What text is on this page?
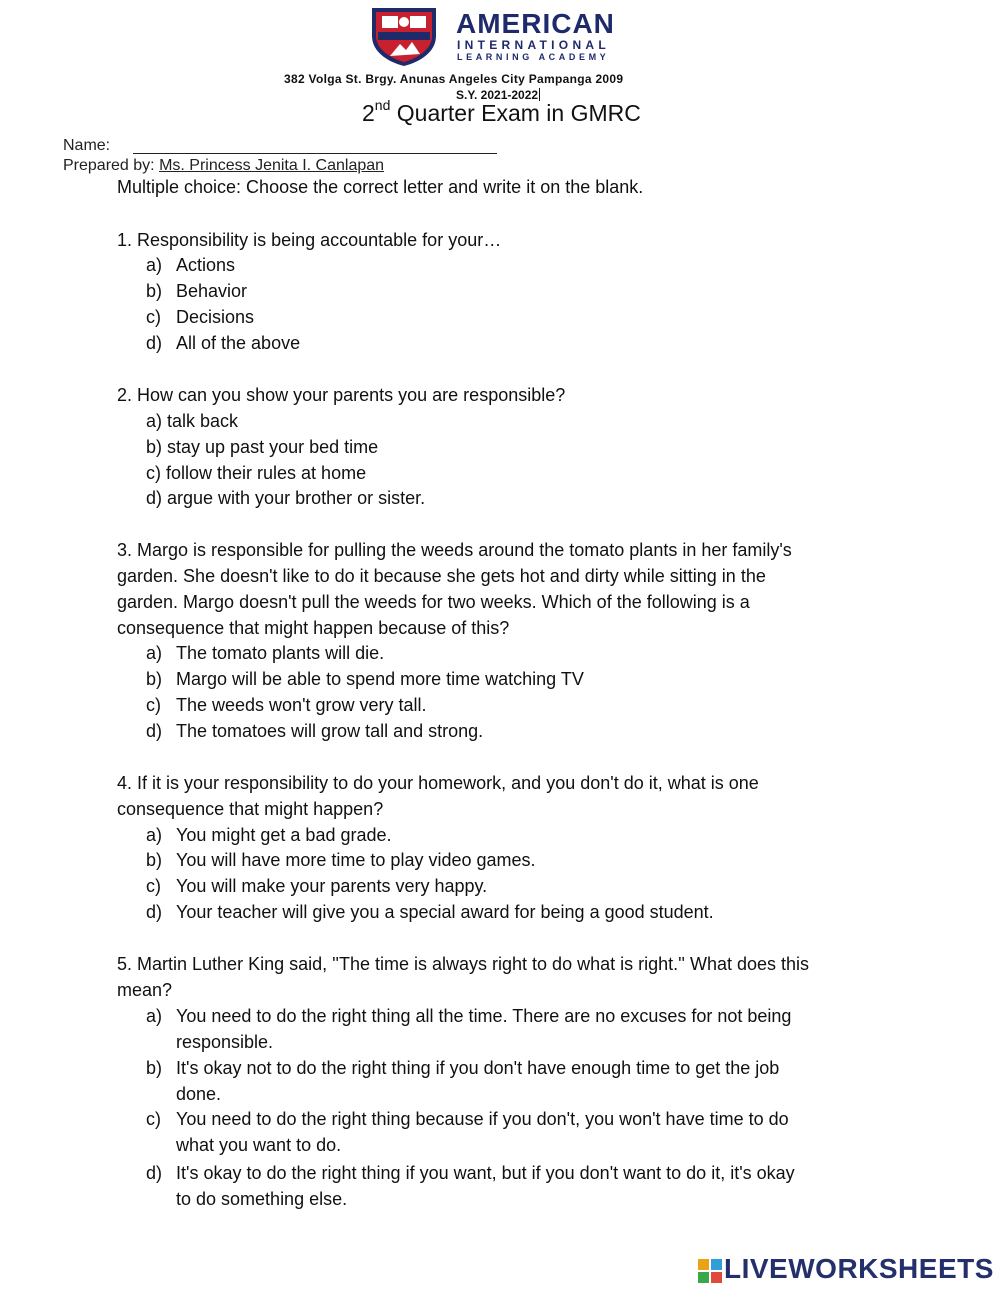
AMERICAN
INTERNATIONAL
LEARNING ACADEMY
382 Volga St. Brgy. Anunas Angeles City Pampanga 2009
S.Y. 2021-2022
2nd Quarter Exam in GMRC
Name:
Prepared by: Ms. Princess Jenita I. Canlapan
Multiple choice: Choose the correct letter and write it on the blank.
1. Responsibility is being accountable for your…
a) Actions
b) Behavior
c) Decisions
d) All of the above
2. How can you show your parents you are responsible?
a) talk back
b) stay up past your bed time
c) follow their rules at home
d) argue with your brother or sister.
3. Margo is responsible for pulling the weeds around the tomato plants in her family's
garden. She doesn't like to do it because she gets hot and dirty while sitting in the
garden. Margo doesn't pull the weeds for two weeks. Which of the following is a
consequence that might happen because of this?
a) The tomato plants will die.
b) Margo will be able to spend more time watching TV
c) The weeds won't grow very tall.
d) The tomatoes will grow tall and strong.
4. If it is your responsibility to do your homework, and you don't do it, what is one
consequence that might happen?
a) You might get a bad grade.
b) You will have more time to play video games.
c) You will make your parents very happy.
d) Your teacher will give you a special award for being a good student.
5. Martin Luther King said, ''The time is always right to do what is right.'' What does this
mean?
a) You need to do the right thing all the time. There are no excuses for not being
responsible.
b) It's okay not to do the right thing if you don't have enough time to get the job
done.
c) You need to do the right thing because if you don't, you won't have time to do
what you want to do.
d) It's okay to do the right thing if you want, but if you don't want to do it, it's okay
to do something else.
LIVEWORKSHEETS
